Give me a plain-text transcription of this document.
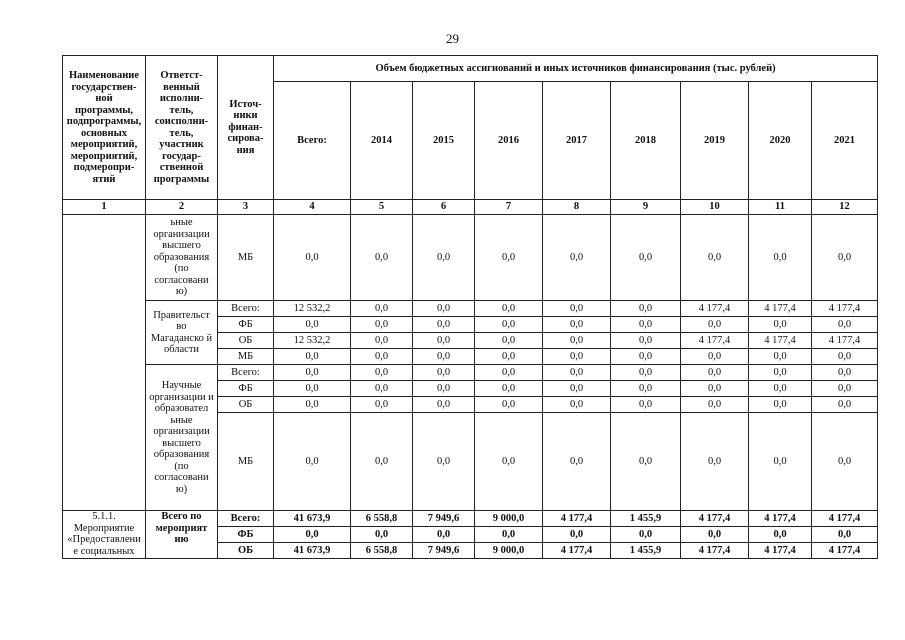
29
Наименование государствен-ной программы, подпрограммы, основных мероприятий, мероприятий, подмеропри-ятий	Ответст-венный исполни-тель, соисполни-тель, участник государ-ственной программы	Источ-ники финан-сирова-ния	Объем бюджетных ассигнований и иных источников финансирования (тыс. рублей)								
			Всего:	2014	2015	2016	2017	2018	2019	2020	2021
1	2	3	4	5	6	7	8	9	10	11	12
	ьные организации высшего образования (по согласовани ю)	МБ	0,0	0,0	0,0	0,0	0,0	0,0	0,0	0,0	0,0
	Правительст во Магаданско й области	Всего:	12 532,2	0,0	0,0	0,0	0,0	0,0	4 177,4	4 177,4	4 177,4
		ФБ	0,0	0,0	0,0	0,0	0,0	0,0	0,0	0,0	0,0
		ОБ	12 532,2	0,0	0,0	0,0	0,0	0,0	4 177,4	4 177,4	4 177,4
		МБ	0,0	0,0	0,0	0,0	0,0	0,0	0,0	0,0	0,0
	Научные организации и образовател ьные организации высшего образования (по согласовани ю)	Всего:	0,0	0,0	0,0	0,0	0,0	0,0	0,0	0,0	0,0
		ФБ	0,0	0,0	0,0	0,0	0,0	0,0	0,0	0,0	0,0
		ОБ	0,0	0,0	0,0	0,0	0,0	0,0	0,0	0,0	0,0
		МБ	0,0	0,0	0,0	0,0	0,0	0,0	0,0	0,0	0,0
5.1.1. Мероприятие «Предоставлени е социальных	Всего по мероприят ию	Всего:	41 673,9	6 558,8	7 949,6	9 000,0	4 177,4	1 455,9	4 177,4	4 177,4	4 177,4
		ФБ	0,0	0,0	0,0	0,0	0,0	0,0	0,0	0,0	0,0
		ОБ	41 673,9	6 558,8	7 949,6	9 000,0	4 177,4	1 455,9	4 177,4	4 177,4	4 177,4
